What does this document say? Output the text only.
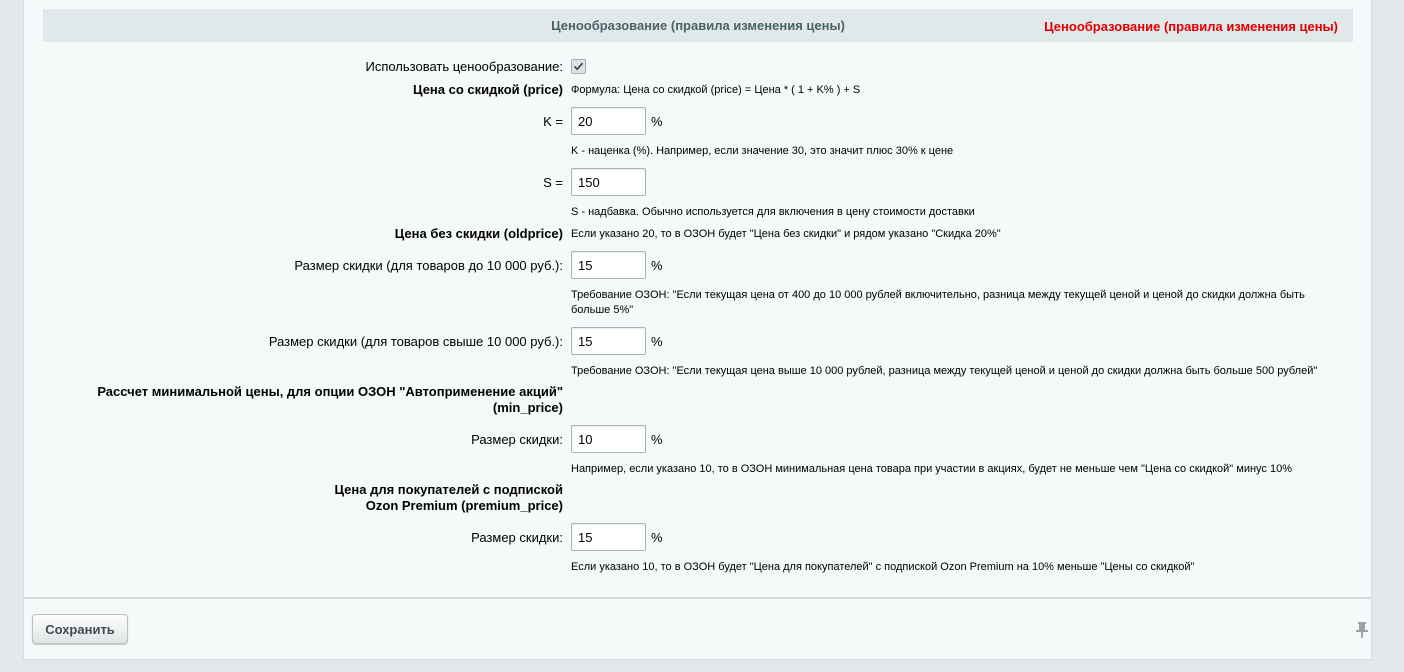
Ценообразование (правила изменения цены)	Ценообразование (правила изменения цены)
Использовать ценообразование:
Цена со скидкой (price) Формула: Цена со скидкой (price) = Цена * ( 1 + K% ) + S
K =
20	%
K - наценка (%). Например, если значение 30, это значит плюс 30% к цене
S =
150
S - надбавка. Обычно используется для включения в цену стоимости доставки
Цена без скидки (oldprice) Если указано 20, то в ОЗОН будет "Цена без скидки" и рядом указано "Скидка 20%"
Размер скидки (для товаров до 10 000 руб.):
15	%
Требование ОЗОН: "Если текущая цена от 400 до 10 000 рублей включительно, разница между текущей ценой и ценой до скидки должна быть больше 5%"
Размер скидки (для товаров свыше 10 000 руб.):
15	%
Требование ОЗОН: "Если текущая цена выше 10 000 рублей, разница между текущей ценой и ценой до скидки должна быть больше 500 рублей"
Рассчет минимальной цены, для опции ОЗОН "Автоприменение акций"
(min_price)
Размер скидки:
10	%
Например, если указано 10, то в ОЗОН минимальная цена товара при участии в акциях, будет не меньше чем "Цена со скидкой" минус 10%
Цена для покупателей с подпиской
Ozon Premium (premium_price)
Размер скидки:
15	%
Если указано 10, то в ОЗОН будет "Цена для покупателей" с подпиской Ozon Premium на 10% меньше "Цены со скидкой"
Сохранить
